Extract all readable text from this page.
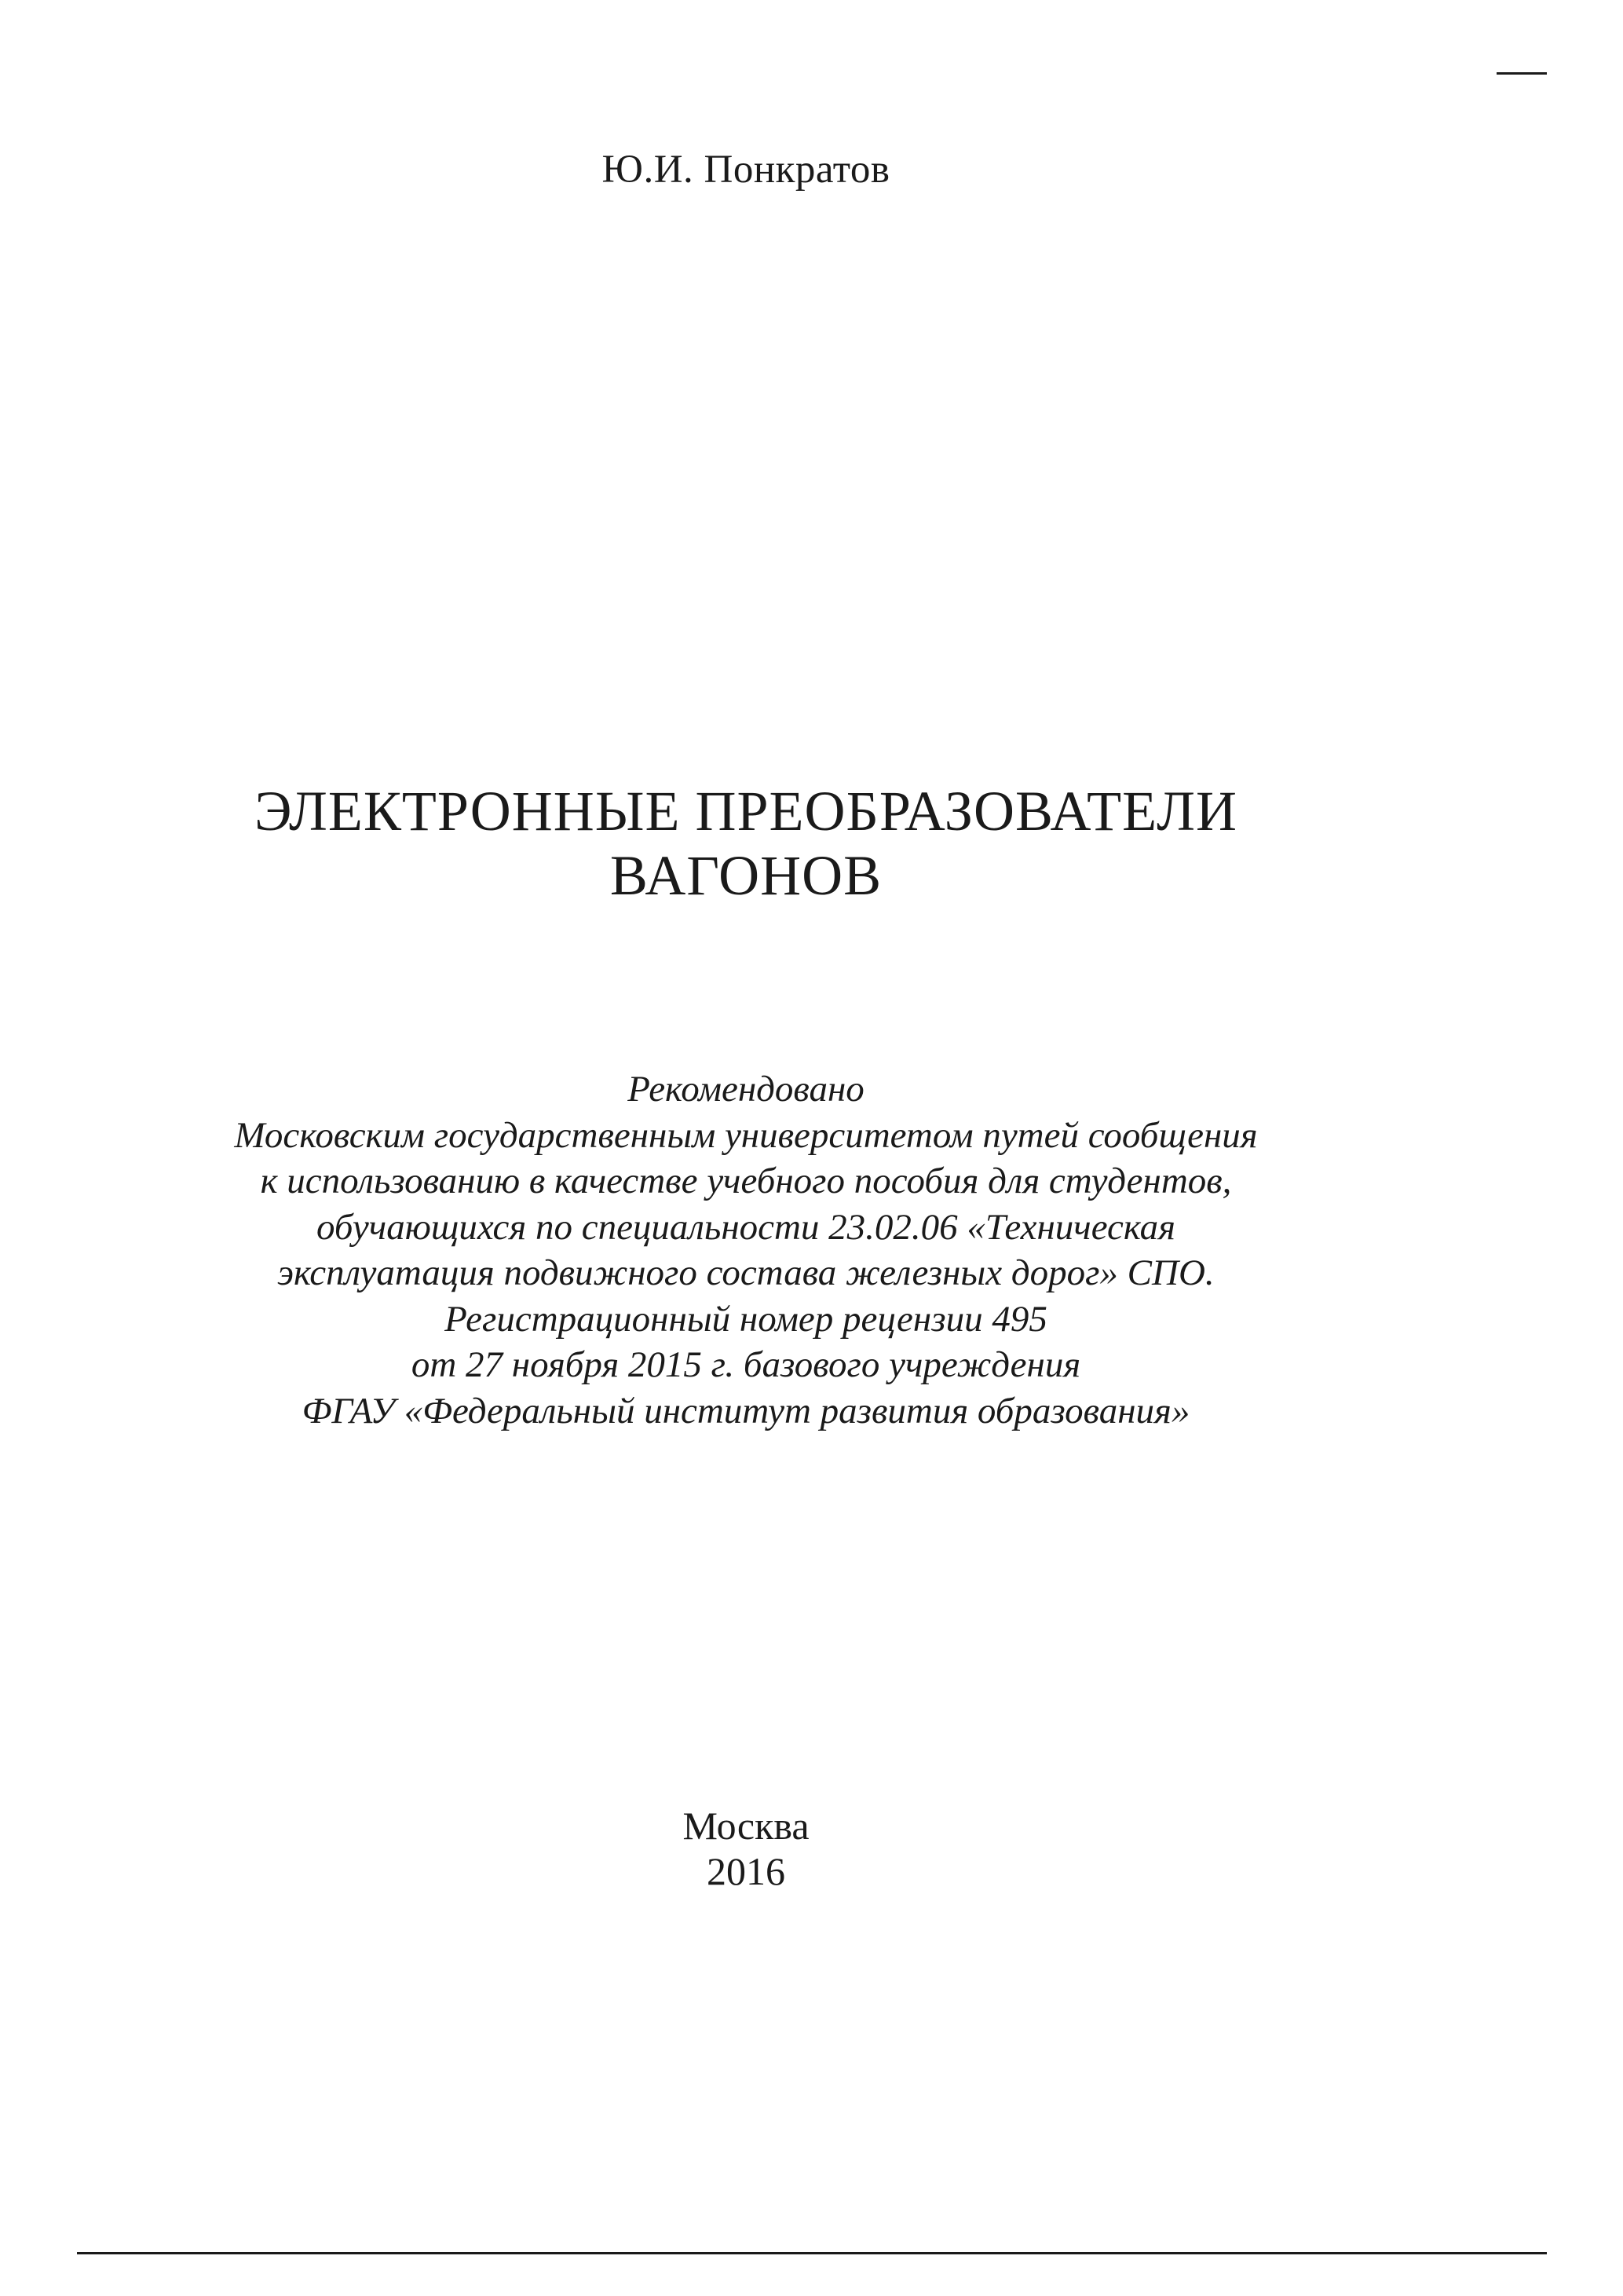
Ю.И. Понкратов
ЭЛЕКТРОННЫЕ ПРЕОБРАЗОВАТЕЛИ
ВАГОНОВ
Рекомендовано
Московским государственным университетом путей сообщения
к использованию в качестве учебного пособия для студентов,
обучающихся по специальности 23.02.06 «Техническая
эксплуатация подвижного состава железных дорог» СПО.
Регистрационный номер рецензии 495
от 27 ноября 2015 г. базового учреждения
ФГАУ «Федеральный институт развития образования»
Москва
2016
